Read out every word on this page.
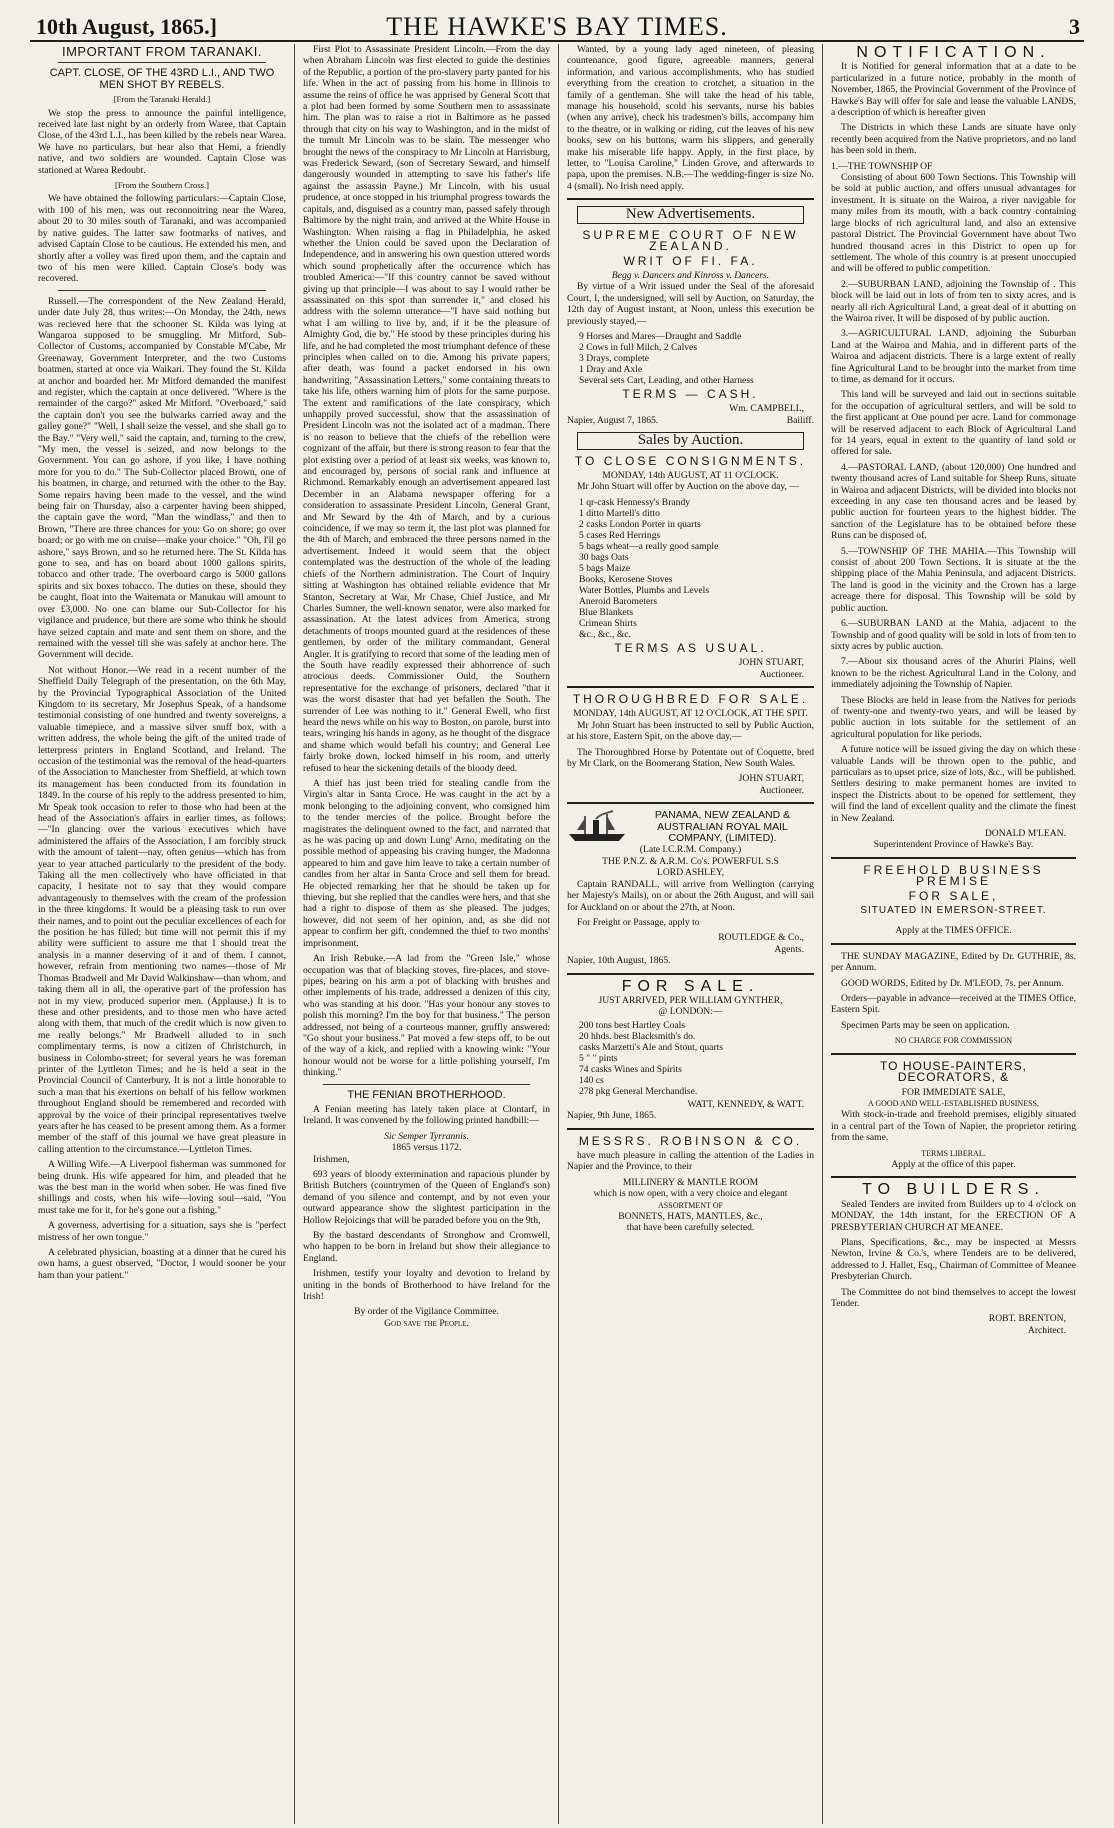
10th August, 1865.]	THE HAWKE'S BAY TIMES.	3
IMPORTANT FROM TARANAKI.
CAPT. CLOSE, OF THE 43RD L.I., AND TWO MEN SHOT BY REBELS.
[From the Taranaki Herald.]

We stop the press to announce the painful intelligence, received late last night by an orderly from Waree, that Captain Close, of the 43rd L.I., has been killed by the rebels near Warea. We have no particulars, but hear also that Hemi, a friendly native, and two soldiers are wounded. Captain Close was stationed at Warea Redoubt.

[From the Southern Cross.]

We have obtained the following particulars:—Captain Close, with 100 of his men, was out reconnoitring near the Warea, about 20 to 30 miles south of Taranaki, and was accompanied by native guides. The latter saw footmarks of natives, and advised Captain Close to be cautious. He extended his men, and shortly after a volley was fired upon them, and the captain and two of his men were killed. Captain Close's body was recovered.

Russell.—The correspondent of the New Zealand Herald, under date July 28, thus writes:—On Monday, the 24th, news was recieved here that the schooner St. Kilda was lying at Wangaroa supposed to be smuggling. Mr Mitford, Sub-Collector of Customs, accompanied by Constable M'Cabe, Mr Greenaway, Government Interpreter, and the two Customs boatmen, started at once via Waikari. They found the St. Kilda at anchor and boarded her. Mr Mitford demanded the manifest and register, which the captain at once delivered. "Where is the remainder of the cargo?" asked Mr Mitford. "Overboard," said the captain don't you see the bulwarks carried away and the galley gone?" "Well, I shall seize the vessel, and she shall go to the Bay." "Very well," said the captain, and, turning to the crew, "My men, the vessel is seized, and now belongs to the Government. You can go ashore, if you like, I have nothing more for you to do." The Sub-Collector placed Brown, one of his boatmen, in charge, and returned with the other to the Bay. Some repairs having been made to the vessel, and the wind being fair on Thursday, also a carpenter having been shipped, the captain gave the word, "Man the windlass," and then to Brown, "There are three chances for you: Go on shore; go over board; or go with me on cruise—make your choice." "Oh, I'll go ashore," says Brown, and so he returned here. The St. Kilda has gone to sea, and has on board about 1000 gallons spirits, tobacco and other trade. The overboard cargo is 5000 gallons spirits and six boxes tobacco. The duties on these, should they be caught, float into the Waitemata or Manukau will amount to over £3,000. No one can blame our Sub-Collector for his vigilance and prudence, but there are some who think he should have seized captain and mate and sent them on shore, and the remained with the vessel till she was safely at anchor here. The Government will decide.

Not without Honor.—We read in a recent number of the Sheffield Daily Telegraph of the presentation, on the 6th May, by the Provincial Typographical Association of the United Kingdom to its secretary, Mr Josephus Speak, of a handsome testimonial consisting of one hundred and twenty sovereigns, a valuable timepiece, and a massive silver snuff box, with a written address, the whole being the gift of the united trade of letterpress printers in England Scotland, and Ireland. The occasion of the testimonial was the removal of the head-quarters of the Association to Manchester from Sheffield, at which town its management has been conducted from its foundation in 1849. In the course of his reply to the address presented to him, Mr Speak took occasion to refer to those who had been at the head of the Association's affairs in earlier times, as follows:—"In glancing over the various executives which have administered the affairs of the Association, I am forcibly struck with the amount of talent—nay, often genius—which has from year to year attached particularly to the president of the body. Taking all the men collectively who have officiated in that capacity, I hesitate not to say that they would compare advantageously to themselves with the cream of the profession in the three kingdoms. It would be a pleasing task to run over their names, and to point out the peculiar excellences of each for the position he has filled; but time will not permit this if my ability were sufficient to assure me that I should treat the analysis in a manner deserving of it and of them. I cannot, however, refrain from mentioning two names—those of Mr Thomas Bradwell and Mr David Walkinshaw—than whom, and taking them all in all, the operative part of the profession has not in my view, produced superior men. (Applause.) It is to these and other presidents, and to those men who have acted along with them, that much of the credit which is now given to me really belongs." Mr Bradwell alluded to in such complimentary terms, is now a citizen of Christchurch, in business in Colombo-street; for several years he was foreman printer of the Lyttleton Times; and he is held a seat in the Provincial Council of Canterbury. It is not a little honorable to such a man that his exertions on behalf of his fellow workmen throughout England should be remembered and recorded with approval by the voice of their principal representatives twelve years after he has ceased to be present among them. As a former member of the staff of this journal we have great pleasure in calling attention to the circumstance.—Lyttleton Times.

A Willing Wife.—A Liverpool fisherman was summoned for being drunk. His wife appeared for him, and pleaded that he was the best man in the world when sober. He was fined five shillings and costs, when his wife—loving soul—said, "You must take me for it, for he's gone out a fishing."

A governess, advertising for a situation, says she is "perfect mistress of her own tongue."

A celebrated physician, boasting at a dinner that he cured his own hams, a guest observed, "Doctor, I would sooner be your ham than your patient."

First Plot to Assassinate President Lincoln.—From the day when Abraham Lincoln was first elected to guide the destinies of the Republic, a portion of the pro-slavery party panted for his life. When in the act of passing from his home in Illinois to assume the reins of office he was apprised by General Scott that a plot had been formed by some Southern men to assassinate him. The plan was to raise a riot in Baltimore as he passed through that city on his way to Washington, and in the midst of the tumult Mr Lincoln was to be slain. The messenger who brought the news of the conspiracy to Mr Lincoln at Harrisburg, was Frederick Seward, (son of Secretary Seward, and himself dangerously wounded in attempting to save his father's life against the assassin Payne.) Mr Lincoln, with his usual prudence, at once stopped in his triumphal progress towards the capitals, and, disguised as a country man, passed safely through Baltimore by the night train, and arrived at the White House in Washington. When raising a flag in Philadelphia, he asked whether the Union could be saved upon the Declaration of Independence, and in answering his own question uttered words which sound prophetically after the occurrence which has troubled America:—"If this country cannot be saved without giving up that principle—I was about to say I would rather be assassinated on this spot than surrender it," and closed his address with the solemn utterance—"I have said nothing but what I am willing to live by, and, if it be the pleasure of Almighty God, die by." He stood by these principles during his life, and he had completed the most triumphant defence of these principles when called on to die. Among his private papers, after death, was found a packet endorsed in his own handwriting, "Assassination Letters," some containing threats to take his life, others warning him of plots for the same purpose. The extent and ramifications of the late conspiracy, which unhappily proved successful, show that the assassination of President Lincoln was not the isolated act of a madman. There is no reason to believe that the chiefs of the rebellion were cognizant of the affair, but there is strong reason to fear that the plot existing over a period of at least six weeks, was known to, and encouraged by, persons of social rank and influence at Richmond. Remarkably enough an advertisement appeared last December in an Alabama newspaper offering for a consideration to assassinate President Lincoln, General Grant, and Mr Seward by the 4th of March, and by a curious coincidence, if we may so term it, the last plot was planned for the 4th of March, and embraced the three persons named in the advertisement. Indeed it would seem that the object contemplated was the destruction of the whole of the leading chiefs of the Northern administration. The Court of Inquiry sitting at Washington has obtained reliable evidence that Mr Stanton, Secretary at War, Mr Chase, Chief Justice, and Mr Charles Sumner, the well-known senator, were also marked for assassination. At the latest advices from America, strong detachments of troops mounted guard at the residences of these gentlemen, by order of the military commandant, General Angler. It is gratifying to record that some of the leading men of the South have readily expressed their abhorrence of such atrocious deeds. Commissioner Ould, the Southern representative for the exchange of prisoners, declared "that it was the worst disaster that had yet befallen the South. The surrender of Lee was nothing to it." General Ewell, who first heard the news while on his way to Boston, on parole, burst into tears, wringing his hands in agony, as he thought of the disgrace and shame which would befall his country; and General Lee fairly broke down, locked himself in his room, and utterly refused to hear the sickening details of the bloody deed.

A thief has just been tried for stealing candle from the Virgin's altar in Santa Croce. He was caught in the act by a monk belonging to the adjoining convent, who consigned him to the tender mercies of the police. Brought before the magistrates the delinquent owned to the fact, and narrated that as he was pacing up and down Lung' Arno, meditating on the possible method of appeasing his craving hunger, the Madonna appeared to him and gave him leave to take a certain number of candles from her altar in Santa Croce and sell them for bread. He objected remarking her that he should be taken up for thieving, but she replied that the candles were hers, and that she had a right to dispose of them as she pleased. The judges, however, did not seem of her opinion, and, as she did not appear to confirm her gift, condemned the thief to two months' imprisonment.

An Irish Rebuke.—A lad from the "Green Isle," whose occupation was that of blacking stoves, fire-places, and stove-pipes, bearing on his arm a pot of blacking with brushes and other implements of his trade, addressed a denizen of this city, who was standing at his door. "Has your honour any stoves to polish this morning? I'm the boy for that business." The person addressed, not being of a courteous manner, gruffly answered: "Go shout your business." Pat moved a few steps off, to be out of the way of a kick, and replied with a knowing wink: "Your honour would not be worse for a little polishing yourself, I'm thinking."

THE FENIAN BROTHERHOOD.

A Fenian meeting has lately taken place at Clontarf, in Ireland. It was convened by the following printed handbill:—

Sic Semper Tyrrannis.
1865 versus 1172.

Irishmen,

693 years of bloody extermination and rapacious plunder by British Butchers (countrymen of the Queen of England's son) demand of you silence and contempt, and by not even your outward appearance show the slightest participation in the Hollow Rejoicings that will be paraded before you on the 9th,

By the bastard descendants of Strongbow and Cromwell, who happen to be born in Ireland but show their allegiance to England.

Irishmen, testify your loyalty and devotion to Ireland by uniting in the bonds of Brotherhood to have Ireland for the Irish!

By order of the Vigilance Committee.
God save the People.

Wanted, by a young lady aged nineteen, of pleasing countenance, good figure, agreeable manners, general information, and various accomplishments, who has studied everything from the creation to crotchet, a situation in the family of a gentleman. She will take the head of his table, manage his household, scold his servants, nurse his babies (when any arrive), check his tradesmen's bills, accompany him to the theatre, or in walking or riding, cut the leaves of his new books, sew on his buttons, warm his slippers, and generally make his miserable life happy. Apply, in the first place, by letter, to "Louisa Caroline," Linden Grove, and afterwards to papa, upon the premises. N.B.—The wedding-finger is size No. 4 (small). No Irish need apply.

New Advertisements.
SUPREME COURT OF NEW ZEALAND.
WRIT OF FI. FA.
Begg v. Dancers and Kinross v. Dancers.

By virtue of a Writ issued under the Seal of the aforesaid Court, I, the undersigned, will sell by Auction, on Saturday, the 12th day of August instant, at Noon, unless this execution be previously stayed,—

9 Horses and Mares—Draught and Saddle
2 Cows in full Milch, 2 Calves
3 Drays, complete
1 Dray and Axle
Several sets Cart, Leading, and other Harness
TERMS — CASH.
Wm. CAMPBELL,
Napier, August 7, 1865.	Bailiff.
Sales by Auction.
TO CLOSE CONSIGNMENTS.
MONDAY, 14th AUGUST, AT 11 O'CLOCK.

Mr John Stuart will offer by Auction on the above day, —

1 qr-cask Hennessy's Brandy
1 ditto Martell's ditto
2 casks London Porter in quarts
5 cases Red Herrings
5 bags wheat—a really good sample
30 bags Oats
5 bags Maize
Books, Kerosene Stoves
Water Bottles, Plumbs and Levels
Aneroid Barometers
Blue Blankets
Crimean Shirts
&c., &c., &c.
TERMS AS USUAL.
JOHN STUART,
Auctioneer.
THOROUGHBRED FOR SALE.
MONDAY, 14th AUGUST, AT 12 O'CLOCK, AT THE SPIT.

Mr John Stuart has been instructed to sell by Public Auction, at his store, Eastern Spit, on the above day,—

The Thoroughbred Horse by Potentate out of Coquette, bred by Mr Clark, on the Boomerang Station, New South Wales.

JOHN STUART,
Auctioneer.
PANAMA, NEW ZEALAND & AUSTRALIAN ROYAL MAIL COMPANY, (LIMITED).
(Late I.C.R.M. Company.)
THE P.N.Z. & A.R.M. Co's. POWERFUL S.S
LORD ASHLEY,

Captain RANDALL, will arrive from Wellington (carrying her Majesty's Mails), on or about the 26th August, and will sail for Auckland on or about the 27th, at Noon.

For Freight or Passage, apply to

ROUTLEDGE & Co.,
Agents.
Napier, 10th August, 1865.
FOR SALE.
JUST ARRIVED, PER WILLIAM GYNTHER,
@ LONDON:—
200 tons best Hartley Coals
20 hhds. best Blacksmith's do.
casks Marzetti's Ale and Stout, quarts
5 " " pints
74 casks Wines and Spirits
140 cs
278 pkg General Merchandise.
WATT, KENNEDY, & WATT.
Napier, 9th June, 1865.
MESSRS. ROBINSON & CO.

have much pleasure in calling the attention of the Ladies in Napier and the Province, to their

MILLINERY & MANTLE ROOM
which is now open, with a very choice and elegant
ASSORTMENT OF
BONNETS, HATS, MANTLES, &c.,
that have been carefully selected.
NOTIFICATION.

It is Notified for general information that at a date to be particularized in a future notice, probably in the month of November, 1865, the Provincial Government of the Province of Hawke's Bay will offer for sale and lease the valuable LANDS, a description of which is hereafter given

The Districts in which these Lands are situate have only recently been acquired from the Native proprietors, and no land has been sold in them.

1.—THE TOWNSHIP OF

Consisting of about 600 Town Sections. This Township will be sold at public auction, and offers unusual advantages for investment. It is situate on the Wairoa, a river navigable for many miles from its mouth, with a back country containing large blocks of rich agricultural land, and also an extensive pastoral District. The Provincial Government have about Two hundred thousand acres in this District to open up for settlement. The whole of this country is at present unoccupied and will be offered to public competition.

2.—SUBURBAN LAND, adjoining the Township of . This block will be laid out in lots of from ten to sixty acres, and is nearly all rich Agricultural Land, a great deal of it abutting on the Wairoa river. It will be disposed of by public auction.

3.—AGRICULTURAL LAND, adjoining the Suburban Land at the Wairoa and Mahia, and in different parts of the Wairoa and adjacent districts. There is a large extent of really fine Agricultural Land to be brought into the market from time to time, as demand for it occurs.

This land will be surveyed and laid out in sections suitable for the occupation of agricultural settlers, and will be sold to the first applicant at One pound per acre. Land for commonage will be reserved adjacent to each Block of Agricultural Land for 14 years, equal in extent to the quantity of land sold or offered for sale.

4.—PASTORAL LAND, (about 120,000) One hundred and twenty thousand acres of Land suitable for Sheep Runs, situate in Wairoa and adjacent Districts, will be divided into blocks not exceeding in any case ten thousand acres and be leased by public auction for fourteen years to the highest bidder. The sanction of the Legislature has to be obtained before these Runs can be disposed of.

5.—TOWNSHIP OF THE MAHIA.—This Township will consist of about 200 Town Sections. It is situate at the the shipping place of the Mahia Peninsula, and adjacent Districts. The land is good in the vicinity and the Crown has a large acreage there for disposal. This Township will be sold by public auction.

6.—SUBURBAN LAND at the Mahia, adjacent to the Township and of good quality will be sold in lots of from ten to sixty acres by public auction.

7.—About six thousand acres of the Ahuriri Plains, well known to be the richest Agricultural Land in the Colony, and immediately adjoining the Township of Napier.

These Blocks are held in lease from the Natives for periods of twenty-one and twenty-two years, and will be leased by public auction in lots suitable for the settlement of an agricultural population for like periods.

A future notice will be issued giving the day on which these valuable Lands will be thrown open to the public, and particulars as to upset price, size of lots, &c., will be published. Settlers desiring to make permanent homes are invited to inspect the Districts about to be opened for settlement, they will find the land of excellent quality and the climate the finest in New Zealand.

DONALD M'LEAN.
Superintendent Province of Hawke's Bay.
FREEHOLD BUSINESS PREMISE
FOR SALE,
SITUATED IN EMERSON-STREET.
Apply at the TIMES OFFICE.

THE SUNDAY MAGAZINE, Edited by Dr. GUTHRIE, 8s. per Annum.

GOOD WORDS, Edited by Dr. M'LEOD, 7s. per Annum.

Orders—payable in advance—received at the TIMES Office, Eastern Spit.

Specimen Parts may be seen on application.

NO CHARGE FOR COMMISSION
TO HOUSE-PAINTERS, DECORATORS, &
FOR IMMEDIATE SALE,
A GOOD AND WELL-ESTABLISHED BUSINESS,

With stock-in-trade and freehold premises, eligibly situated in a central part of the Town of Napier, the proprietor retiring from the same.

TERMS LIBERAL.
Apply at the office of this paper.
TO BUILDERS.

Sealed Tenders are invited from Builders up to 4 o'clock on MONDAY, the 14th instant, for the ERECTION OF A PRESBYTERIAN CHURCH AT MEANEE.

Plans, Specifications, &c., may be inspected at Messrs Newton, Irvine & Co.'s, where Tenders are to be delivered, addressed to J. Hallet, Esq., Chairman of Committee of Meanee Presbyterian Church.

The Committee do not bind themselves to accept the lowest Tender.

ROBT. BRENTON,
Architect.
